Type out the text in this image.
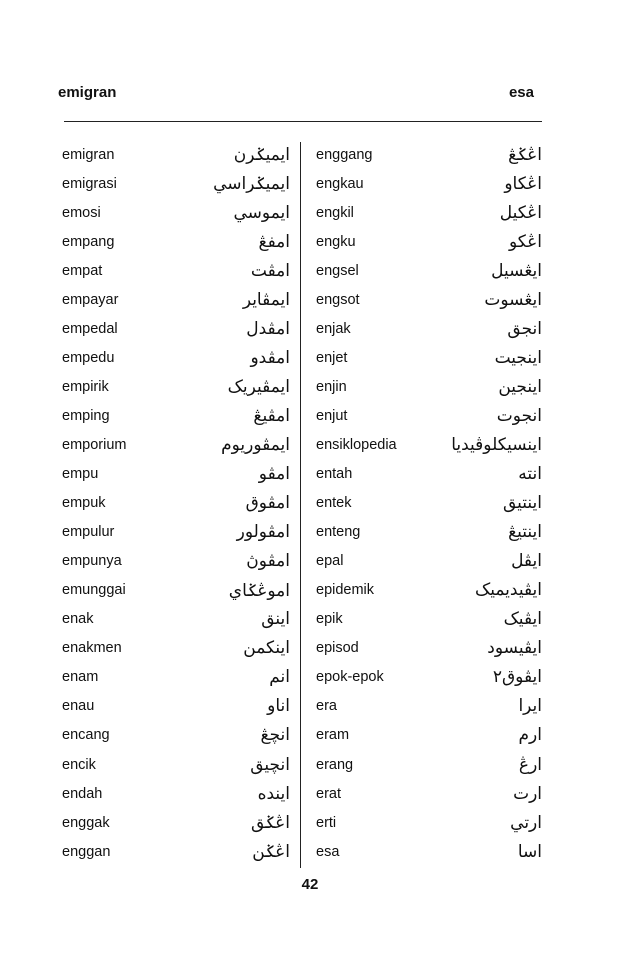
emigran	esa
emigran	ايميݢرن
emigrasi	ايميݢراسي
emosi	ايموسي
empang	امفڠ
empat	امڤت
empayar	ايمڤاير
empedal	امڤدل
empedu	امڤدو
empirik	ايمڤيريک
emping	امڤيڠ
emporium	ايمڤوريوم
empu	امڤو
empuk	امڤوق
empulur	امڤولور
empunya	امڤوڽ
emunggai	اموڠݢاي
enak	اينق
enakmen	اينکمن
enam	انم
enau	اناو
encang	انچڠ
encik	انچيق
endah	اينده
enggak	اڠݢق
enggan	اڠݢن
enggang	اڠݢڠ
engkau	اڠکاو
engkil	اڠکيل
engku	اڠکو
engsel	ايڠسيل
engsot	ايڠسوت
enjak	انجق
enjet	اينجيت
enjin	اينجين
enjut	انجوت
ensiklopedia	اينسيکلوڤيديا
entah	انته
entek	اينتيق
enteng	اينتيڠ
epal	ايڤل
epidemik	ايڤيديميک
epik	ايڤيک
episod	ايڤيسود
epok-epok	ايڤوق٢
era	ايرا
eram	ارم
erang	ارڠ
erat	ارت
erti	ارتي
esa	اسا
42
